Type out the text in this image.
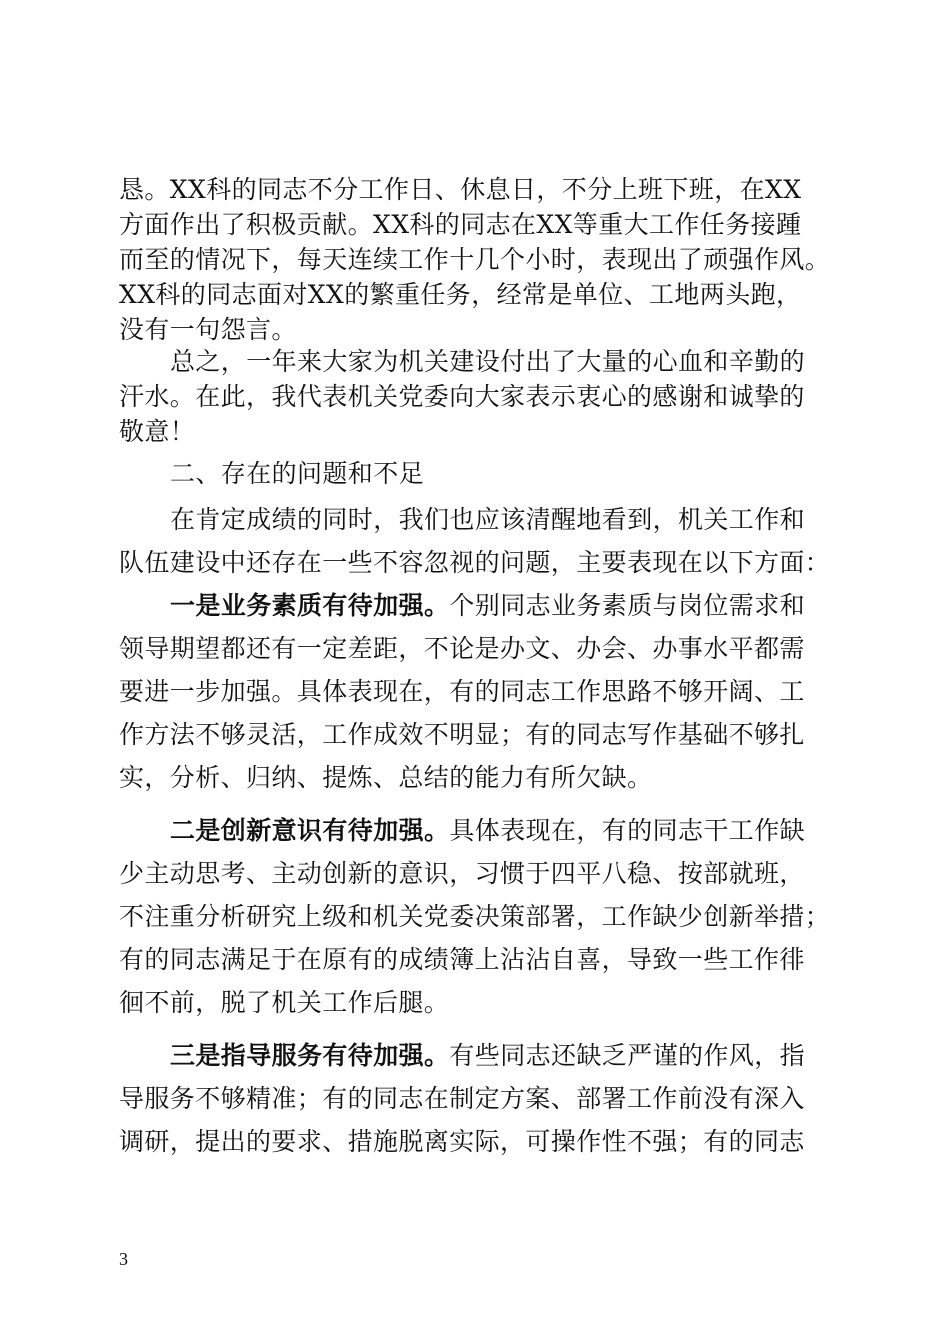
恳。XX科的同志不分工作日、休息日，不分上班下班，在XX
方面作出了积极贡献。XX科的同志在XX等重大工作任务接踵
而至的情况下，每天连续工作十几个小时，表现出了顽强作风。
XX科的同志面对XX的繁重任务，经常是单位、工地两头跑，
没有一句怨言。
总之，一年来大家为机关建设付出了大量的心血和辛勤的
汗水。在此，我代表机关党委向大家表示衷心的感谢和诚挚的
敬意！
二、存在的问题和不足
在肯定成绩的同时，我们也应该清醒地看到，机关工作和
队伍建设中还存在一些不容忽视的问题，主要表现在以下方面：
一是业务素质有待加强。个别同志业务素质与岗位需求和
领导期望都还有一定差距，不论是办文、办会、办事水平都需
要进一步加强。具体表现在，有的同志工作思路不够开阔、工
作方法不够灵活，工作成效不明显；有的同志写作基础不够扎
实，分析、归纳、提炼、总结的能力有所欠缺。
二是创新意识有待加强。具体表现在，有的同志干工作缺
少主动思考、主动创新的意识，习惯于四平八稳、按部就班，
不注重分析研究上级和机关党委决策部署，工作缺少创新举措；
有的同志满足于在原有的成绩簿上沾沾自喜，导致一些工作徘
徊不前，脱了机关工作后腿。
三是指导服务有待加强。有些同志还缺乏严谨的作风，指
导服务不够精准；有的同志在制定方案、部署工作前没有深入
调研，提出的要求、措施脱离实际，可操作性不强；有的同志
3
